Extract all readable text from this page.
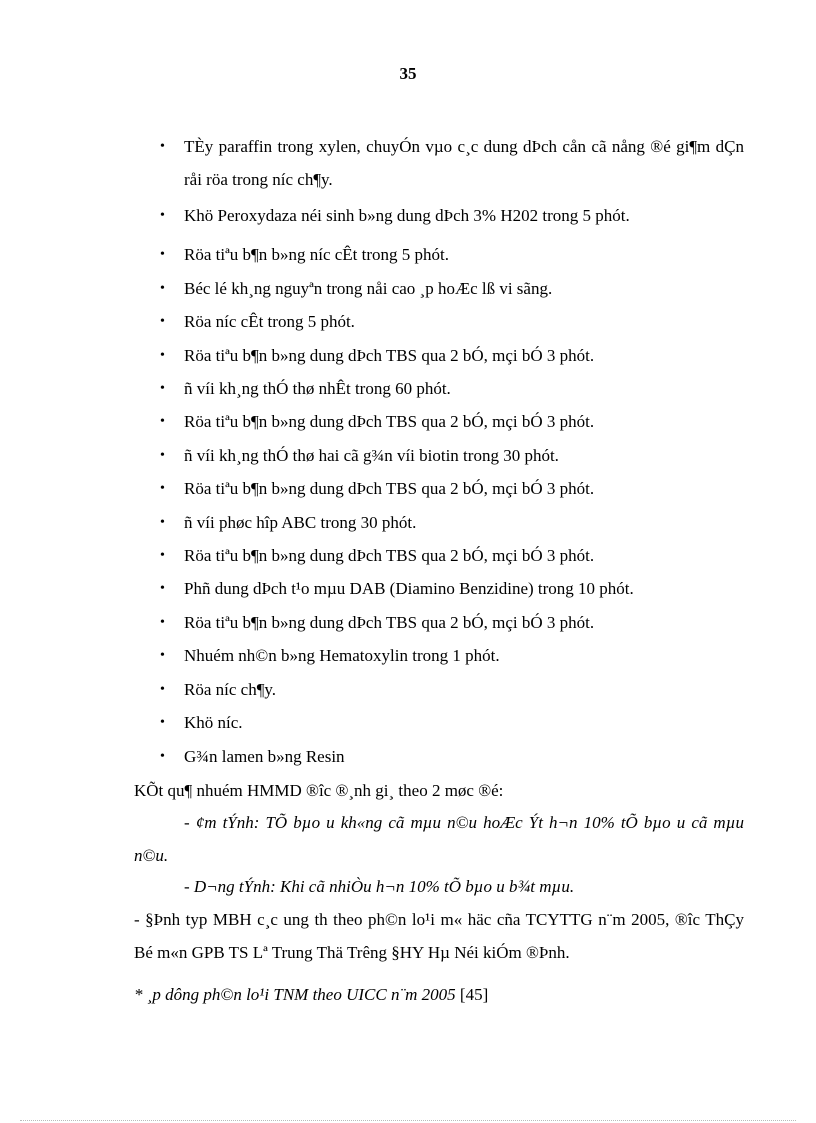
35
• TÈy paraffin trong xylen, chuyÓn vµo c¸c dung dÞch cån cã nång ®é gi¶m dÇn råi röa trong níc ch¶y.
• Khö Peroxydaza néi sinh b»ng dung dÞch 3% H202 trong 5 phót.
• Röa tiªu b¶n b»ng níc cÊt trong 5 phót.
• Béc lé kh¸ng nguyªn trong nåi cao ¸p hoÆc lß vi sãng.
• Röa níc cÊt trong 5 phót.
• Röa tiªu b¶n b»ng dung dÞch TBS qua 2 bÓ, mçi bÓ 3 phót.
• ñ víi kh¸ng thÓ thø nhÊt trong 60 phót.
• Röa tiªu b¶n b»ng dung dÞch TBS qua 2 bÓ, mçi bÓ 3 phót.
• ñ víi kh¸ng thÓ thø hai cã g¾n víi biotin trong 30 phót.
• Röa tiªu b¶n b»ng dung dÞch TBS qua 2 bÓ, mçi bÓ 3 phót.
• ñ víi phøc hîp ABC trong 30 phót.
• Röa tiªu b¶n b»ng dung dÞch TBS qua 2 bÓ, mçi bÓ 3 phót.
• Phñ dung dÞch t¹o mµu DAB (Diamino Benzidine) trong 10 phót.
• Röa tiªu b¶n b»ng dung dÞch TBS qua 2 bÓ, mçi bÓ 3 phót.
• Nhuém nh©n b»ng Hematoxylin trong 1 phót.
• Röa níc ch¶y.
• Khö níc.
• G¾n lamen b»ng Resin
KÕt qu¶ nhuém HMMD ®îc ®¸nh gi¸ theo 2 møc ®é:
- ¢m tÝnh: TÕ bµo u kh«ng cã mµu n©u hoÆc Ýt h¬n 10% tÕ bµo u cã mµu n©u.
- D¬ng tÝnh: Khi cã nhiÒu h¬n 10% tÕ bµo u b¾t mµu.
- §Þnh typ MBH c¸c ung th theo ph©n lo¹i m« häc cña TCYTTG n¨m 2005, ®îc ThÇy Bé m«n GPB TS Lª Trung Thä Trêng §HY Hµ Néi kiÓm ®Þnh.
* ¸p dông ph©n lo¹i TNM theo UICC n¨m 2005 [45]
